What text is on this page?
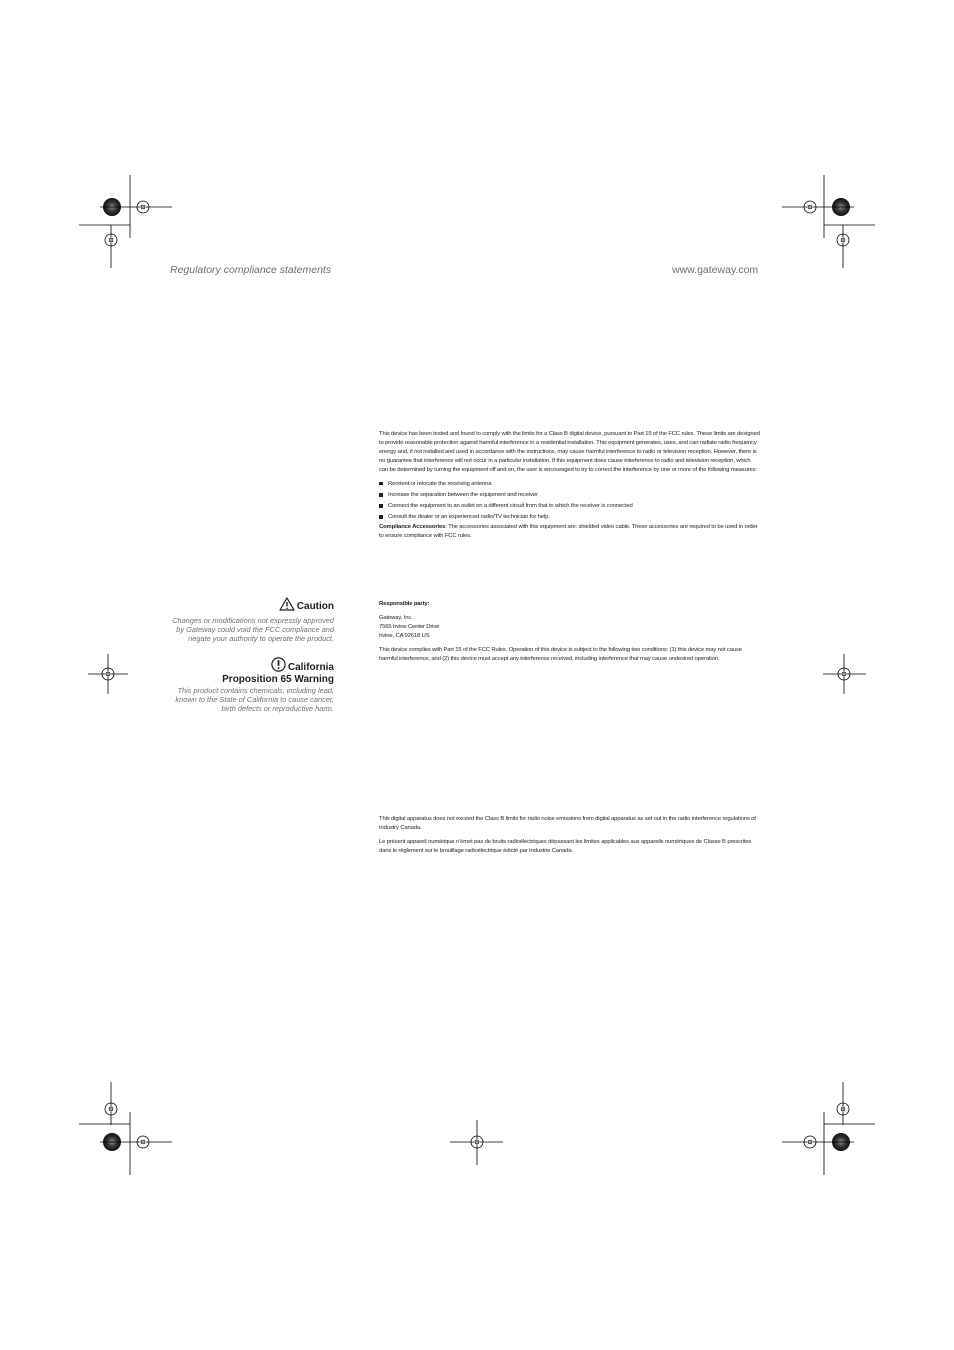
Regulatory compliance statements	www.gateway.com

This device has been tested and found to comply with the limits for a Class B digital device, pursuant to Part 15 of the FCC rules. These limits are designed to provide reasonable protection against harmful interference in a residential installation. This equipment generates, uses, and can radiate radio frequency energy and, if not installed and used in accordance with the instructions, may cause harmful interference to radio or television reception. However, there is no guarantee that interference will not occur in a particular installation. If this equipment does cause interference to radio and television reception, which can be determined by turning the equipment off and on, the user is encouraged to try to correct the interference by one or more of the following measures:

Reorient or relocate the receiving antenna
Increase the separation between the equipment and receiver
Connect the equipment to an outlet on a different circuit from that to which the receiver is connected
Consult the dealer or an experienced radio/TV technician for help.

Compliance Accessories: The accessories associated with this equipment are: shielded video cable. These accessories are required to be used in order to ensure compliance with FCC rules.

Responsible party:

Gateway, Inc.
7565 Irvine Center Drive
Irvine, CA 92618 US

This device complies with Part 15 of the FCC Rules. Operation of this device is subject to the following two conditions: (1) this device may not cause harmful interference, and (2) this device must accept any interference received, including interference that may cause undesired operation.

This digital apparatus does not exceed the Class B limits for radio noise emissions from digital apparatus as set out in the radio interference regulations of Industry Canada.

Le présent appareil numérique n'émet pas de bruits radioélectriques dépassant les limites applicables aux appareils numériques de Classe B prescrites dans le règlement sur le brouillage radioélectrique édicté par Industrie Canada.

Caution
Changes or modifications not expressly approved by Gateway could void the FCC compliance and negate your authority to operate the product.
California
Proposition 65 Warning
This product contains chemicals, including lead, known to the State of California to cause cancer, birth defects or reproductive harm.
